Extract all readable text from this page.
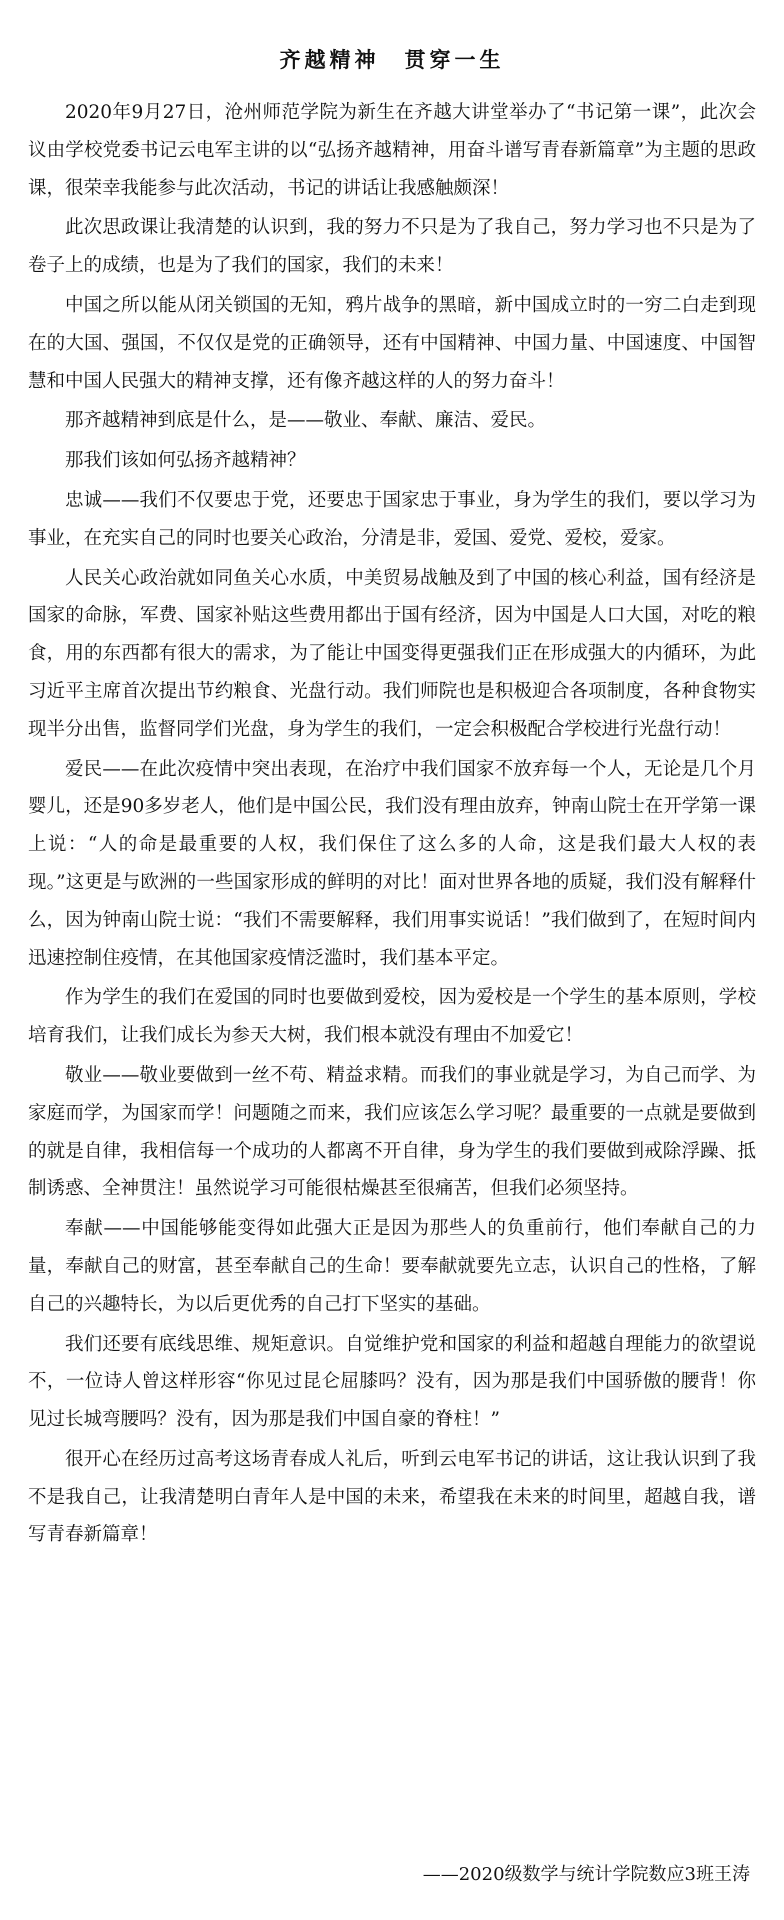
齐越精神　贯穿一生

2020年9月27日，沧州师范学院为新生在齐越大讲堂举办了“书记第一课”，此次会议由学校党委书记云电军主讲的以“弘扬齐越精神，用奋斗谱写青春新篇章”为主题的思政课，很荣幸我能参与此次活动，书记的讲话让我感触颇深！

此次思政课让我清楚的认识到，我的努力不只是为了我自己，努力学习也不只是为了卷子上的成绩，也是为了我们的国家，我们的未来！

中国之所以能从闭关锁国的无知，鸦片战争的黑暗，新中国成立时的一穷二白走到现在的大国、强国，不仅仅是党的正确领导，还有中国精神、中国力量、中国速度、中国智慧和中国人民强大的精神支撑，还有像齐越这样的人的努力奋斗！

那齐越精神到底是什么，是——敬业、奉献、廉洁、爱民。

那我们该如何弘扬齐越精神？

忠诚——我们不仅要忠于党，还要忠于国家忠于事业，身为学生的我们，要以学习为事业，在充实自己的同时也要关心政治，分清是非，爱国、爱党、爱校，爱家。

人民关心政治就如同鱼关心水质，中美贸易战触及到了中国的核心利益，国有经济是国家的命脉，军费、国家补贴这些费用都出于国有经济，因为中国是人口大国，对吃的粮食，用的东西都有很大的需求，为了能让中国变得更强我们正在形成强大的内循环，为此习近平主席首次提出节约粮食、光盘行动。我们师院也是积极迎合各项制度，各种食物实现半分出售，监督同学们光盘，身为学生的我们，一定会积极配合学校进行光盘行动！

爱民——在此次疫情中突出表现，在治疗中我们国家不放弃每一个人，无论是几个月婴儿，还是90多岁老人，他们是中国公民，我们没有理由放弃，钟南山院士在开学第一课上说：“人的命是最重要的人权，我们保住了这么多的人命，这是我们最大人权的表现。”这更是与欧洲的一些国家形成的鲜明的对比！面对世界各地的质疑，我们没有解释什么，因为钟南山院士说：“我们不需要解释，我们用事实说话！”我们做到了，在短时间内迅速控制住疫情，在其他国家疫情泛滥时，我们基本平定。

作为学生的我们在爱国的同时也要做到爱校，因为爱校是一个学生的基本原则，学校培育我们，让我们成长为参天大树，我们根本就没有理由不加爱它！

敬业——敬业要做到一丝不苟、精益求精。而我们的事业就是学习，为自己而学、为家庭而学，为国家而学！问题随之而来，我们应该怎么学习呢？最重要的一点就是要做到的就是自律，我相信每一个成功的人都离不开自律，身为学生的我们要做到戒除浮躁、抵制诱惑、全神贯注！虽然说学习可能很枯燥甚至很痛苦，但我们必须坚持。

奉献——中国能够能变得如此强大正是因为那些人的负重前行，他们奉献自己的力量，奉献自己的财富，甚至奉献自己的生命！要奉献就要先立志，认识自己的性格，了解自己的兴趣特长，为以后更优秀的自己打下坚实的基础。

我们还要有底线思维、规矩意识。自觉维护党和国家的利益和超越自理能力的欲望说不，一位诗人曾这样形容“你见过昆仑屈膝吗？没有，因为那是我们中国骄傲的腰背！你见过长城弯腰吗？没有，因为那是我们中国自豪的脊柱！”

很开心在经历过高考这场青春成人礼后，听到云电军书记的讲话，这让我认识到了我不是我自己，让我清楚明白青年人是中国的未来，希望我在未来的时间里，超越自我，谱写青春新篇章！

——2020级数学与统计学院数应3班王涛
